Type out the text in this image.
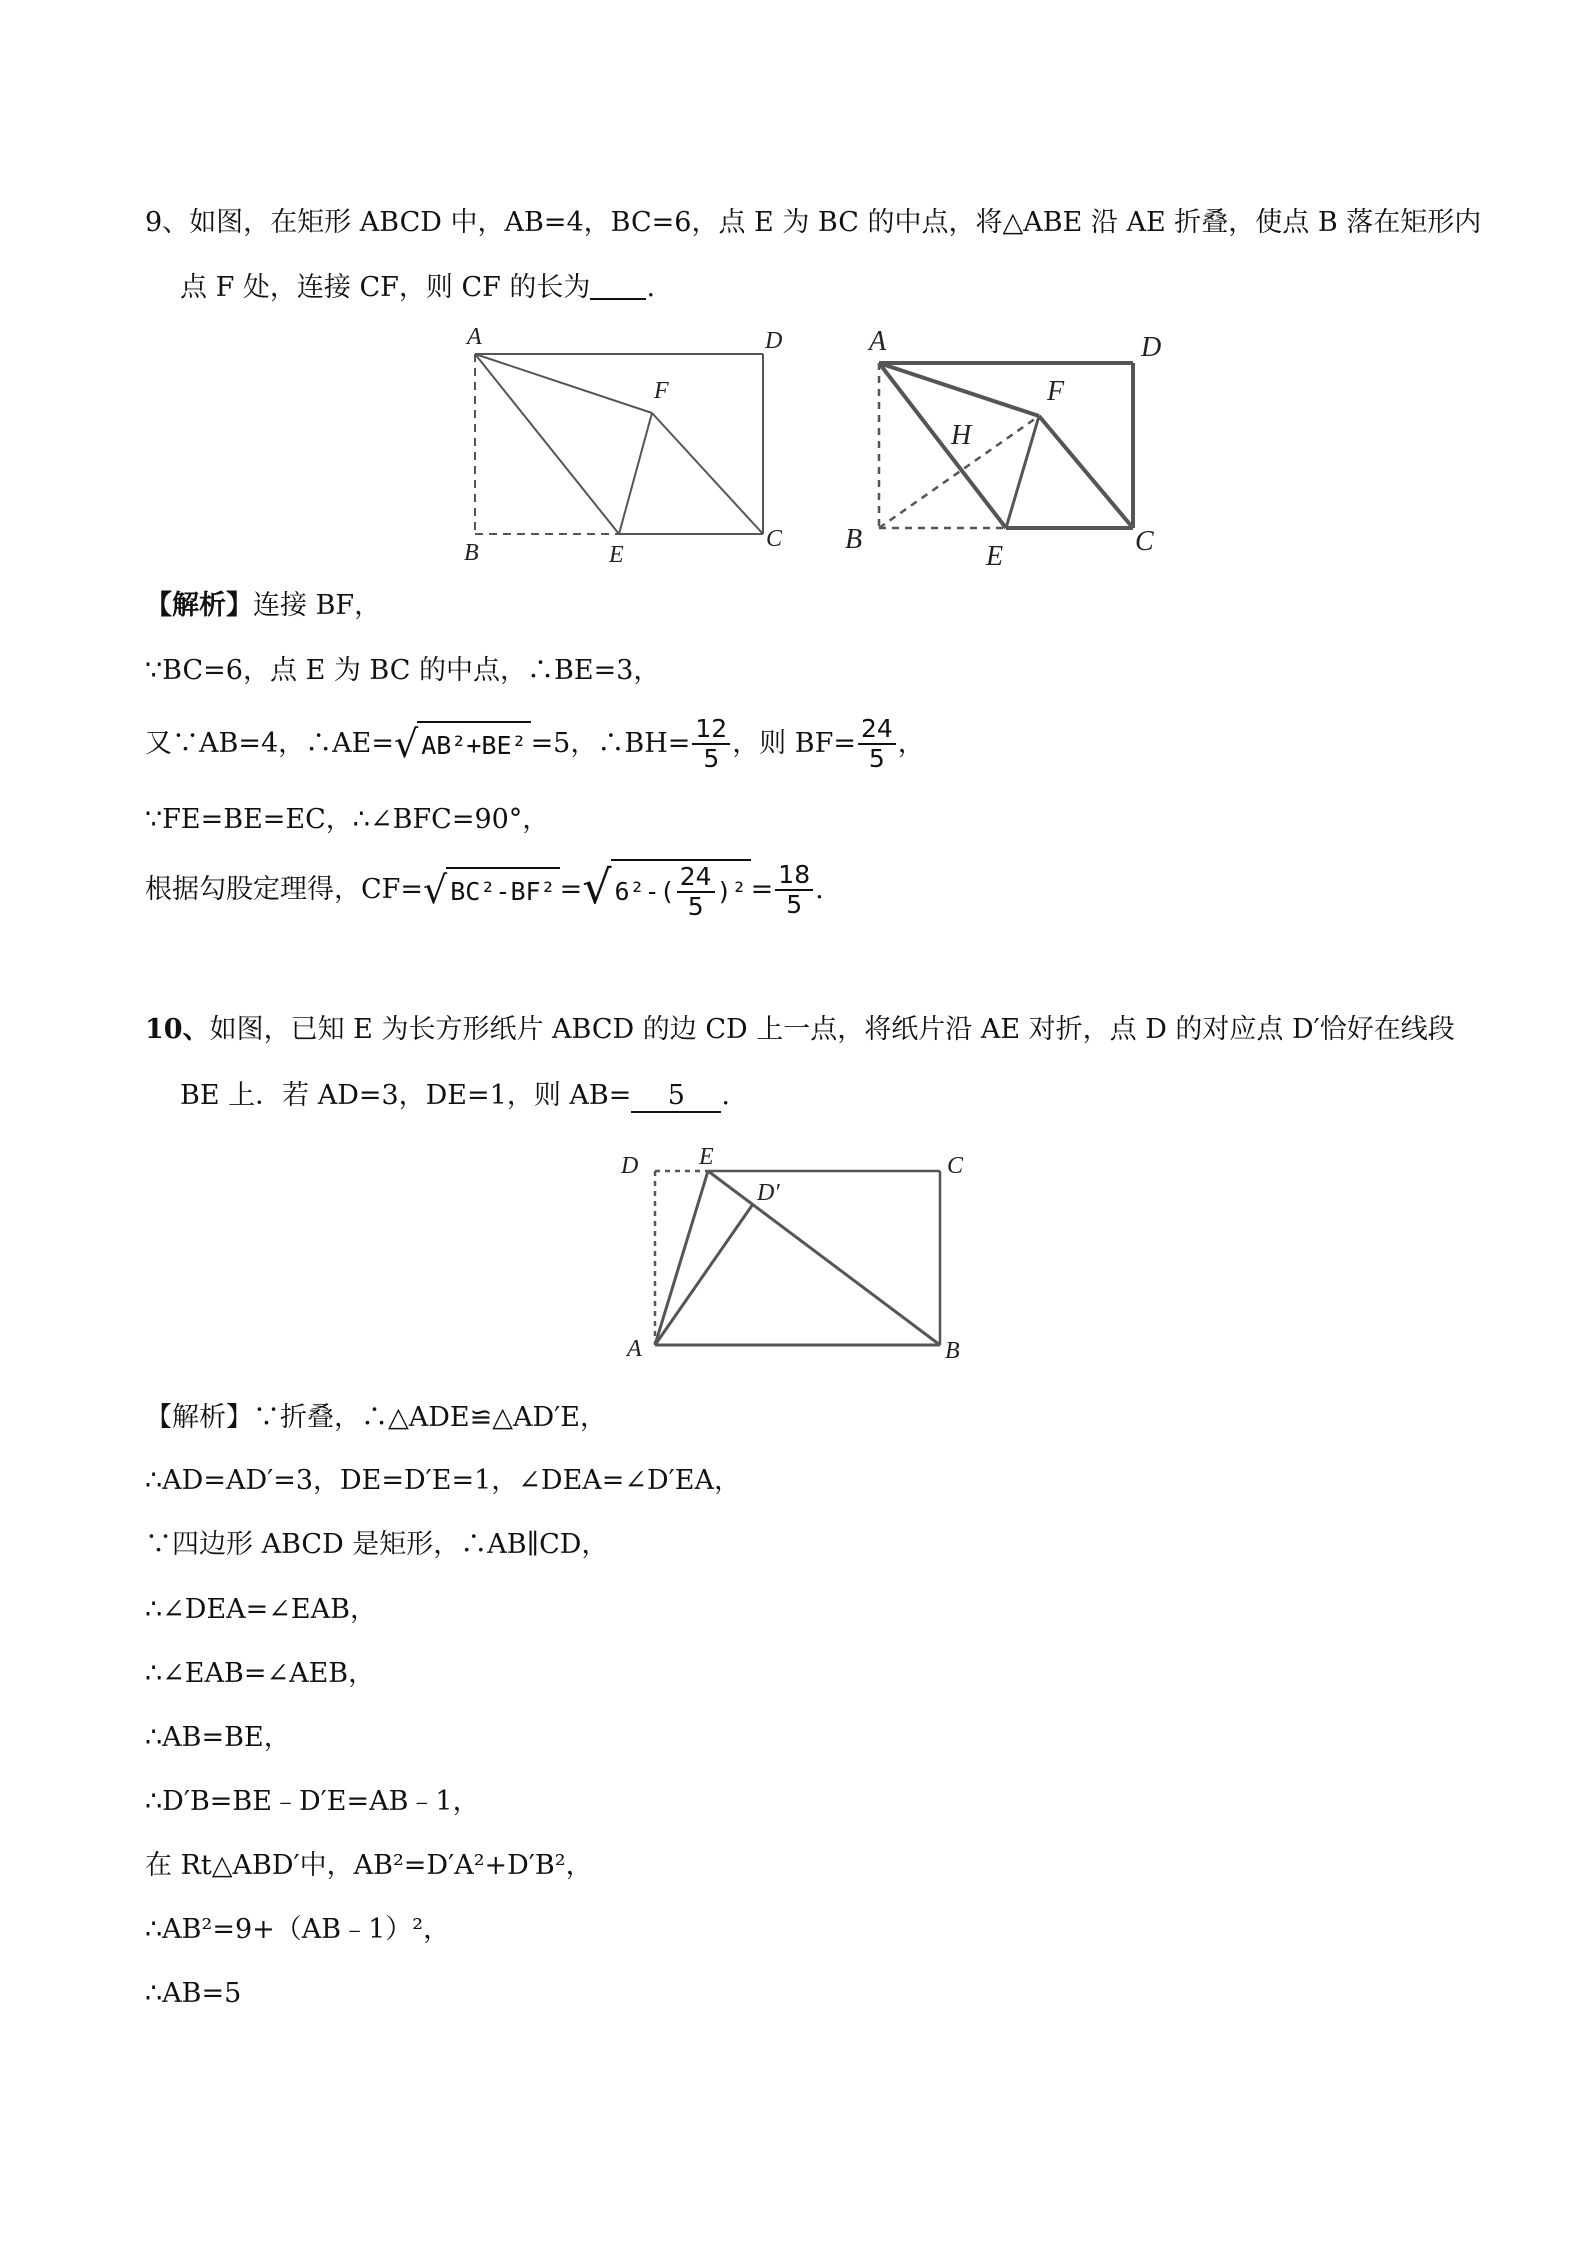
9、如图，在矩形 ABCD 中，AB=4，BC=6，点 E 为 BC 的中点，将△ABE 沿 AE 折叠，使点 B 落在矩形内
点 F 处，连接 CF，则 CF 的长为 .
A	D
F
B	E
C
A	D
F
H
B
E	C
【解析】连接 BF，
∵BC=6，点 E 为 BC 的中点，∴BE=3，
又∵AB=4，∴AE= √ AB²+BE² =5，∴BH= $\frac{12}{5}$ ，则 $BF= \frac{24}{5}$ ，
∵FE=BE=EC，∴∠BFC=90°，
根据勾股定理得，CF= √ BC²-BF² = √ $6^2-( \frac{24}{5} )^2 = \frac{18}{5}$ .
10、如图，已知 E 为长方形纸片 ABCD 的边 CD 上一点，将纸片沿 AE 对折，点 D 的对应点 D′恰好在线段
BE 上．若 AD=3，DE=1，则 AB= 5 .
D	E
D′
C
A	B
【解析】∵折叠，∴△ADE≌△AD′E，
∴AD=AD′=3，DE=D′E=1，∠DEA=∠D′EA，
∵四边形 ABCD 是矩形，∴AB∥CD，
∴∠DEA=∠EAB，
∴∠EAB=∠AEB，
∴AB=BE，
∴D′B=BE﹣D′E=AB﹣1，
在 Rt△ABD′中，AB²=D′A²+D′B²，
∴AB²=9+（AB﹣1）²，
∴AB=5
